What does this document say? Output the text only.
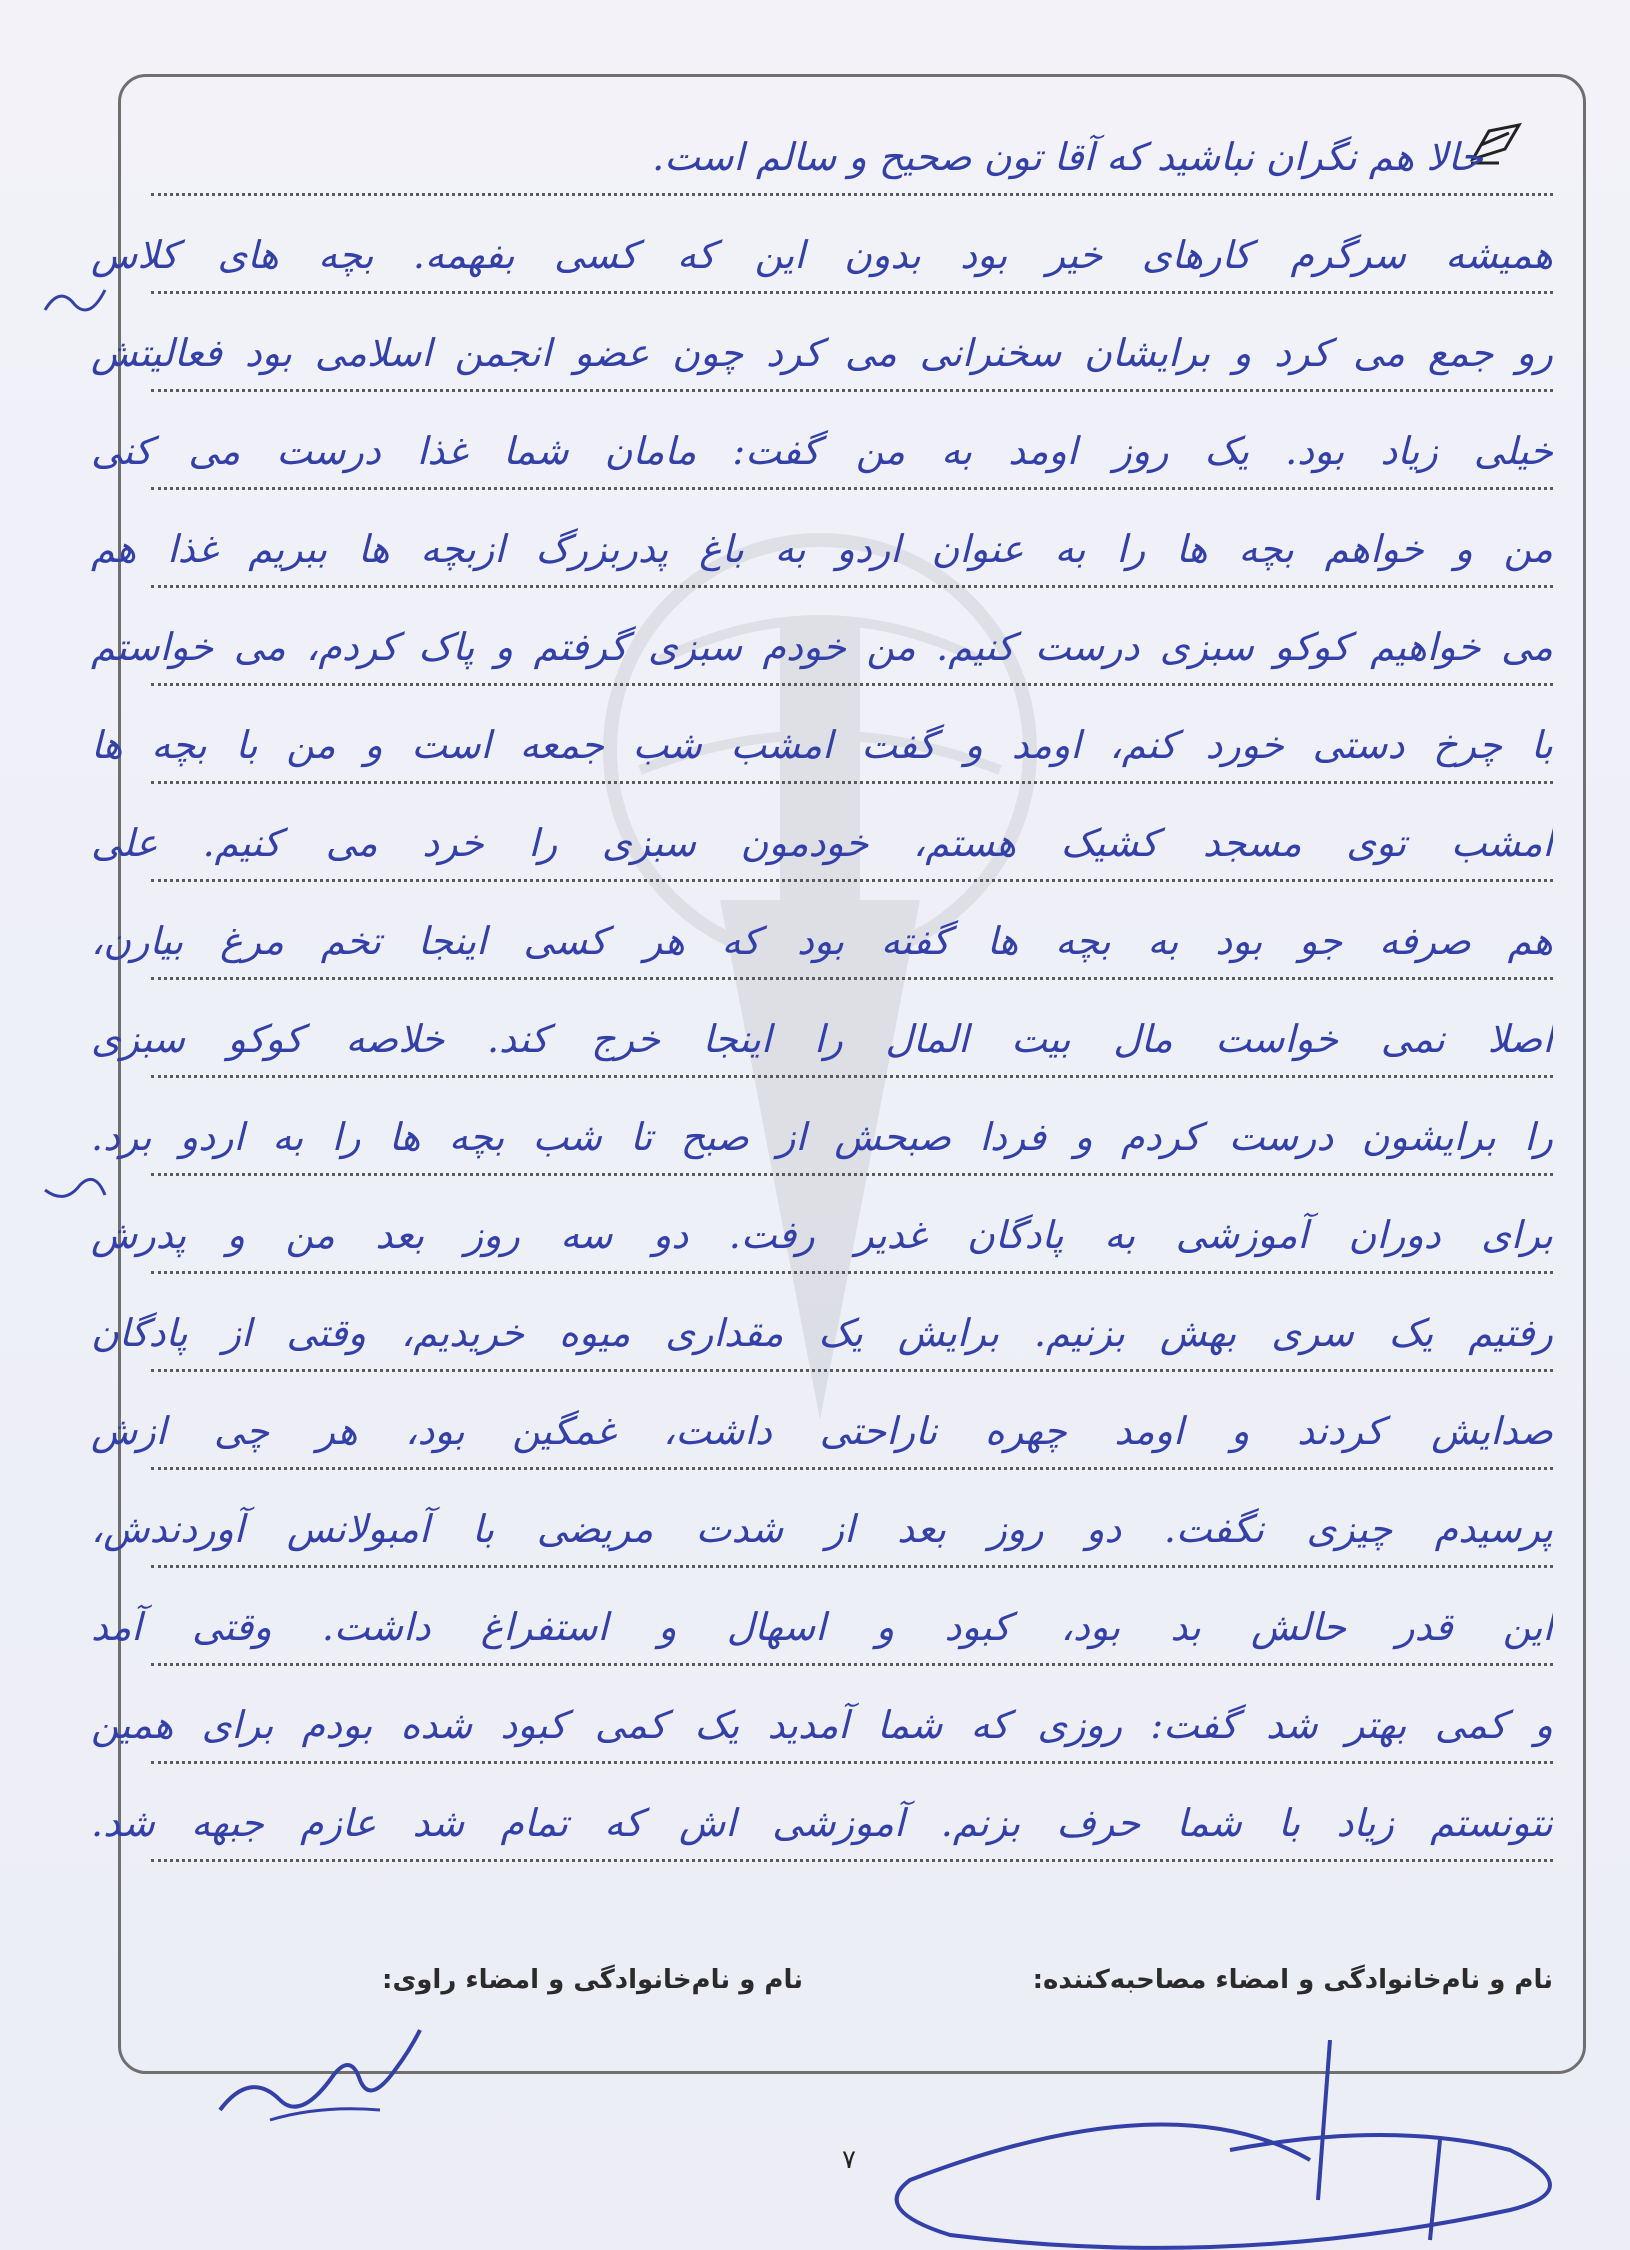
حالا هم نگران نباشید که آقا تون صحیح و سالم است.
همیشه سرگرم کارهای خیر بود بدون این که کسی بفهمه. بچه های کلاس
رو جمع می کرد و برایشان سخنرانی می کرد چون عضو انجمن اسلامی بود فعالیتش
خیلی زیاد بود. یک روز اومد به من گفت: مامان شما غذا درست می کنی
من و خواهم بچه ها را به عنوان اردو به باغ پدربزرگ ازبچه ها ببریم غذا هم
می خواهیم کوکو سبزی درست کنیم. من خودم سبزی گرفتم و پاک کردم، می خواستم
با چرخ دستی خورد کنم، اومد و گفت امشب شب جمعه است و من با بچه ها
امشب توی مسجد کشیک هستم، خودمون سبزی را خرد می کنیم. علی
هم صرفه جو بود به بچه ها گفته بود که هر کسی اینجا تخم مرغ بیارن،
اصلا نمی خواست مال بیت المال را اینجا خرج کند. خلاصه کوکو سبزی
را برایشون درست کردم و فردا صبحش از صبح تا شب بچه ها را به اردو برد.
برای دوران آموزشی به پادگان غدیر رفت. دو سه روز بعد من و پدرش
رفتیم یک سری بهش بزنیم. برایش یک مقداری میوه خریدیم، وقتی از پادگان
صدایش کردند و اومد چهره ناراحتی داشت، غمگین بود، هر چی ازش
پرسیدم چیزی نگفت. دو روز بعد از شدت مریضی با آمبولانس آوردندش،
این قدر حالش بد بود، کبود و اسهال و استفراغ داشت. وقتی آمد
و کمی بهتر شد گفت: روزی که شما آمدید یک کمی کبود شده بودم برای همین
نتونستم زیاد با شما حرف بزنم. آموزشی اش که تمام شد عازم جبهه شد.
نام و نام‌خانوادگی و امضاء مصاحبه‌کننده:
نام و نام‌خانوادگی و امضاء راوی:
۷
